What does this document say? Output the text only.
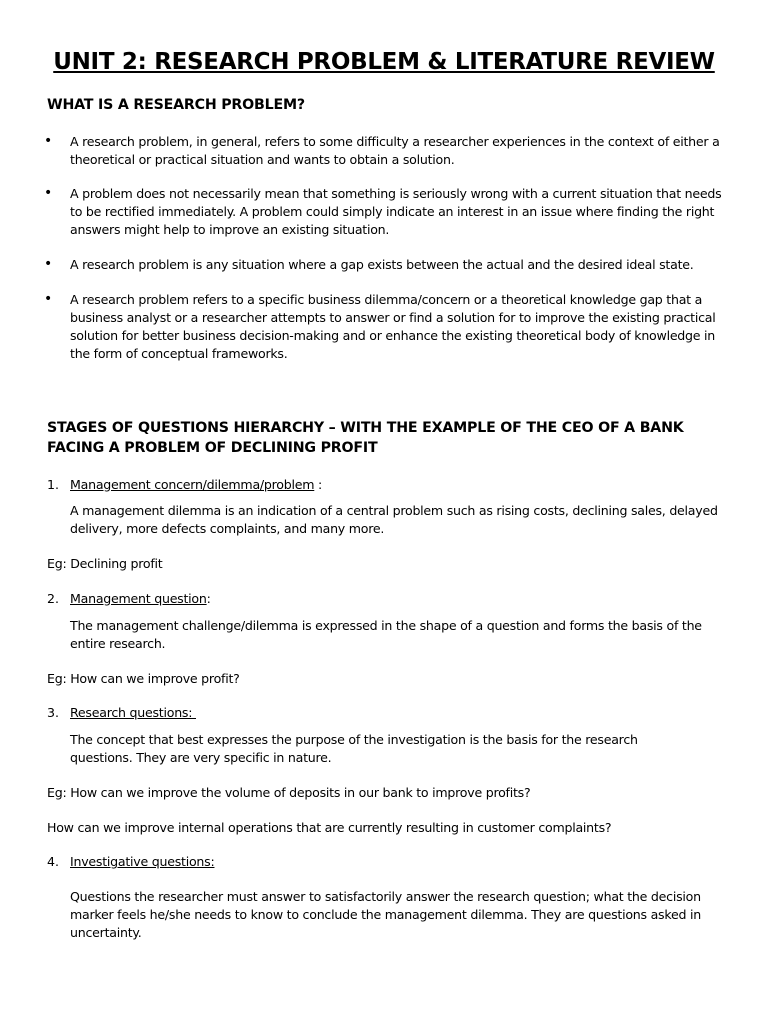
UNIT 2: RESEARCH PROBLEM & LITERATURE REVIEW
WHAT IS A RESEARCH PROBLEM?
• A research problem, in general, refers to some difficulty a researcher experiences in the context of either a theoretical or practical situation and wants to obtain a solution.
• A problem does not necessarily mean that something is seriously wrong with a current situation that needs to be rectified immediately. A problem could simply indicate an interest in an issue where finding the right answers might help to improve an existing situation.
• A research problem is any situation where a gap exists between the actual and the desired ideal state.
• A research problem refers to a specific business dilemma/concern or a theoretical knowledge gap that a business analyst or a researcher attempts to answer or find a solution for to improve the existing practical solution for better business decision-making and or enhance the existing theoretical body of knowledge in the form of conceptual frameworks.
STAGES OF QUESTIONS HIERARCHY – WITH THE EXAMPLE OF THE CEO OF A BANK FACING A PROBLEM OF DECLINING PROFIT
1. Management concern/dilemma/problem :
A management dilemma is an indication of a central problem such as rising costs, declining sales, delayed delivery, more defects complaints, and many more.
Eg: Declining profit
2. Management question:
The management challenge/dilemma is expressed in the shape of a question and forms the basis of the entire research.
Eg: How can we improve profit?
3. Research questions:
The concept that best expresses the purpose of the investigation is the basis for the research questions. They are very specific in nature.
Eg: How can we improve the volume of deposits in our bank to improve profits?
How can we improve internal operations that are currently resulting in customer complaints?
4. Investigative questions:
Questions the researcher must answer to satisfactorily answer the research question; what the decision marker feels he/she needs to know to conclude the management dilemma. They are questions asked in uncertainty.
